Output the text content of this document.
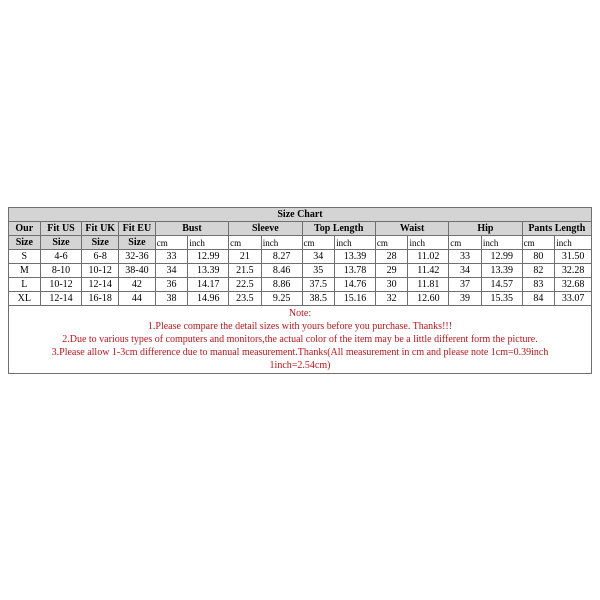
Size Chart															
Our	Fit US	Fit UK	Fit EU	Bust		Sleeve		Top Length		Waist		Hip		Pants Length	
Size	Size	Size	Size	cm	inch	cm	inch	cm	inch	cm	inch	cm	inch	cm	inch
S	4-6	6-8	32-36	33	12.99	21	8.27	34	13.39	28	11.02	33	12.99	80	31.50
M	8-10	10-12	38-40	34	13.39	21.5	8.46	35	13.78	29	11.42	34	13.39	82	32.28
L	10-12	12-14	42	36	14.17	22.5	8.86	37.5	14.76	30	11.81	37	14.57	83	32.68
XL	12-14	16-18	44	38	14.96	23.5	9.25	38.5	15.16	32	12.60	39	15.35	84	33.07

Note:
1.Please compare the detail sizes with yours before you purchase. Thanks!!!
2.Due to various types of computers and monitors,the actual color of the item may be a little different form the picture.
3.Please allow 1-3cm difference due to manual measurement.Thanks(All measurement in cm and please note 1cm=0.39inch
1inch=2.54cm)															
